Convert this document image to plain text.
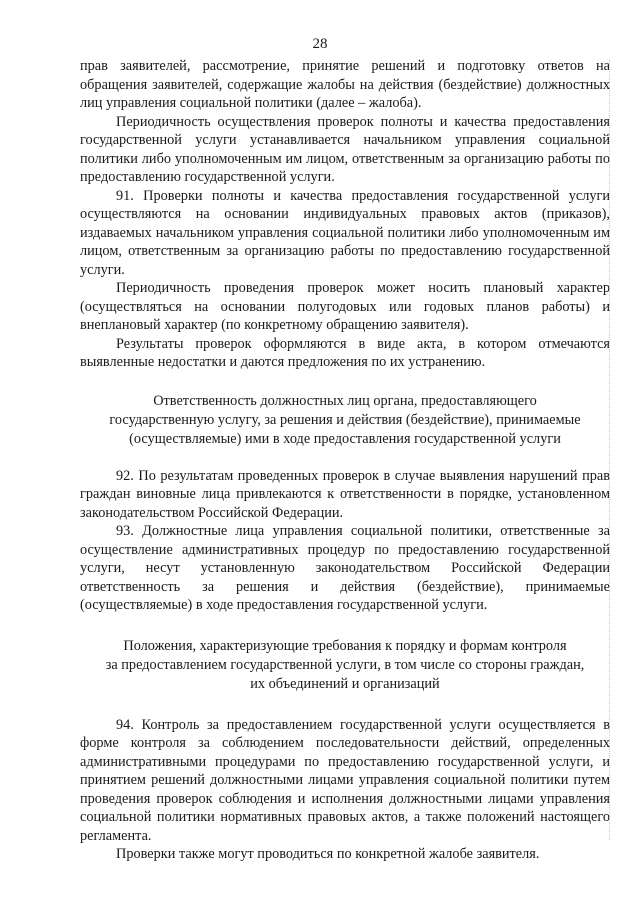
28

прав заявителей, рассмотрение, принятие решений и подготовку ответов на обращения заявителей, содержащие жалобы на действия (бездействие) должностных лиц управления социальной политики (далее – жалоба).

Периодичность осуществления проверок полноты и качества предоставления государственной услуги устанавливается начальником управления социальной политики либо уполномоченным им лицом, ответственным за организацию работы по предоставлению государственной услуги.

91. Проверки полноты и качества предоставления государственной услуги осуществляются на основании индивидуальных правовых актов (приказов), издаваемых начальником управления социальной политики либо уполномоченным им лицом, ответственным за организацию работы по предоставлению государственной услуги.

Периодичность проведения проверок может носить плановый характер (осуществляться на основании полугодовых или годовых планов работы) и внеплановый характер (по конкретному обращению заявителя).

Результаты проверок оформляются в виде акта, в котором отмечаются выявленные недостатки и даются предложения по их устранению.

Ответственность должностных лиц органа, предоставляющего
государственную услугу, за решения и действия (бездействие), принимаемые
(осуществляемые) ими в ходе предоставления государственной услуги

92. По результатам проведенных проверок в случае выявления нарушений прав граждан виновные лица привлекаются к ответственности в порядке, установленном законодательством Российской Федерации.

93. Должностные лица управления социальной политики, ответственные за осуществление административных процедур по предоставлению государственной услуги, несут установленную законодательством Российской Федерации ответственность за решения и действия (бездействие), принимаемые (осуществляемые) в ходе предоставления государственной услуги.

Положения, характеризующие требования к порядку и формам контроля
за предоставлением государственной услуги, в том числе со стороны граждан,
их объединений и организаций

94. Контроль за предоставлением государственной услуги осуществляется в форме контроля за соблюдением последовательности действий, определенных административными процедурами по предоставлению государственной услуги, и принятием решений должностными лицами управления социальной политики путем проведения проверок соблюдения и исполнения должностными лицами управления социальной политики нормативных правовых актов, а также положений настоящего регламента.

Проверки также могут проводиться по конкретной жалобе заявителя.
